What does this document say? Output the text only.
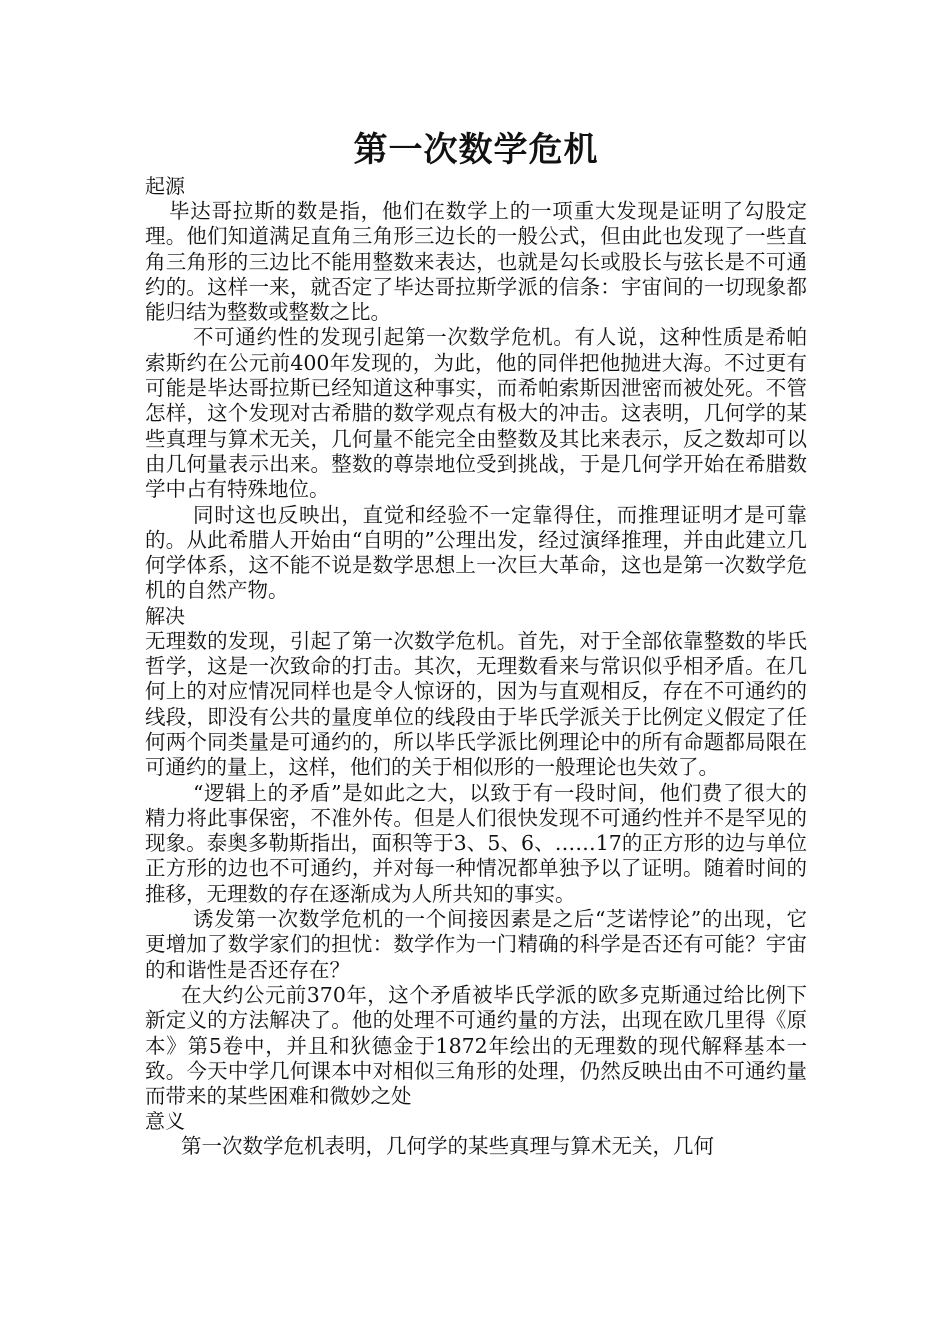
第一次数学危机

起源

毕达哥拉斯的数是指，他们在数学上的一项重大发现是证明了勾股定理。他们知道满足直角三角形三边长的一般公式，但由此也发现了一些直角三角形的三边比不能用整数来表达，也就是勾长或股长与弦长是不可通约的。这样一来，就否定了毕达哥拉斯学派的信条：宇宙间的一切现象都能归结为整数或整数之比。

不可通约性的发现引起第一次数学危机。有人说，这种性质是希帕索斯约在公元前400年发现的，为此，他的同伴把他抛进大海。不过更有可能是毕达哥拉斯已经知道这种事实，而希帕索斯因泄密而被处死。不管怎样，这个发现对古希腊的数学观点有极大的冲击。这表明，几何学的某些真理与算术无关，几何量不能完全由整数及其比来表示，反之数却可以由几何量表示出来。整数的尊崇地位受到挑战，于是几何学开始在希腊数学中占有特殊地位。

同时这也反映出，直觉和经验不一定靠得住，而推理证明才是可靠的。从此希腊人开始由“自明的”公理出发，经过演绎推理，并由此建立几何学体系，这不能不说是数学思想上一次巨大革命，这也是第一次数学危机的自然产物。

解决

无理数的发现，引起了第一次数学危机。首先，对于全部依靠整数的毕氏哲学，这是一次致命的打击。其次，无理数看来与常识似乎相矛盾。在几何上的对应情况同样也是令人惊讶的，因为与直观相反，存在不可通约的线段，即没有公共的量度单位的线段由于毕氏学派关于比例定义假定了任何两个同类量是可通约的，所以毕氏学派比例理论中的所有命题都局限在可通约的量上，这样，他们的关于相似形的一般理论也失效了。

“逻辑上的矛盾”是如此之大，以致于有一段时间，他们费了很大的精力将此事保密，不准外传。但是人们很快发现不可通约性并不是罕见的现象。泰奥多勒斯指出，面积等于3、5、6、……17的正方形的边与单位正方形的边也不可通约，并对每一种情况都单独予以了证明。随着时间的推移，无理数的存在逐渐成为人所共知的事实。

诱发第一次数学危机的一个间接因素是之后“芝诺悖论”的出现，它更增加了数学家们的担忧：数学作为一门精确的科学是否还有可能？宇宙的和谐性是否还存在？

在大约公元前370年，这个矛盾被毕氏学派的欧多克斯通过给比例下新定义的方法解决了。他的处理不可通约量的方法，出现在欧几里得《原本》第5卷中，并且和狄德金于1872年绘出的无理数的现代解释基本一致。今天中学几何课本中对相似三角形的处理，仍然反映出由不可通约量而带来的某些困难和微妙之处

意义

第一次数学危机表明，几何学的某些真理与算术无关，几何
